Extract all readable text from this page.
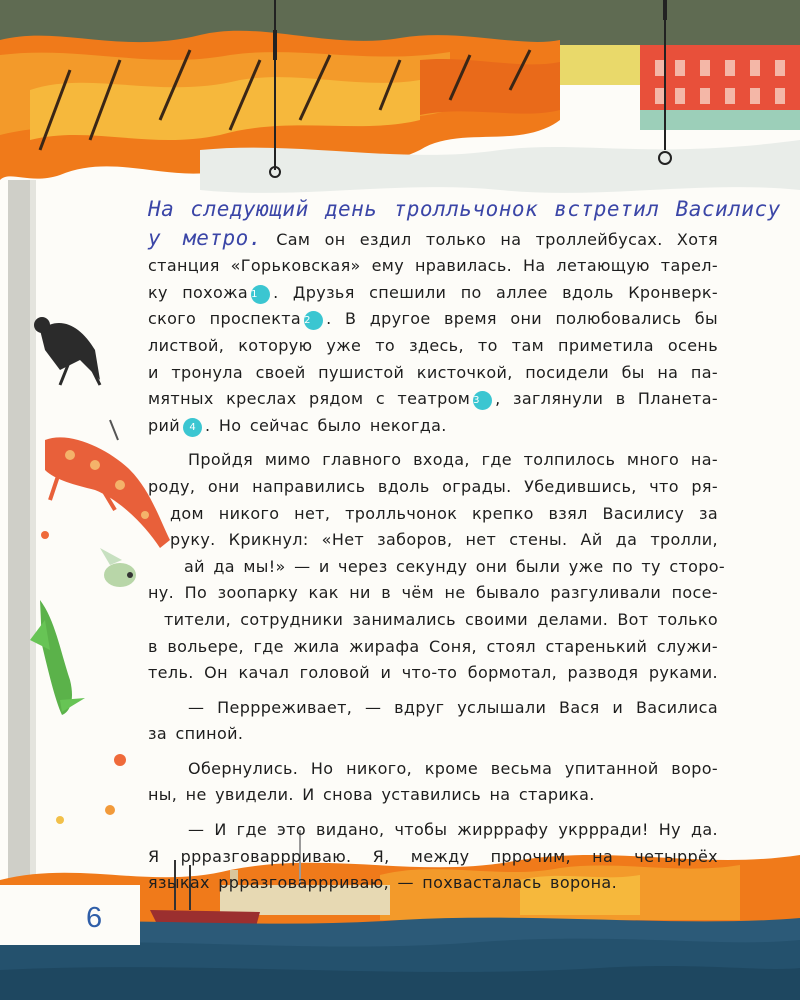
6
На следующий день тролльчонок встретил Василису
у метро. Сам он ездил только на троллейбусах. Хотя
станция «Горьковская» ему нравилась. На летающую тарел-
ку похожа 1 . Друзья спешили по аллее вдоль Кронверк-
ского проспекта 2 . В другое время они полюбовались бы
листвой, которую уже то здесь, то там приметила осень
и тронула своей пушистой кисточкой, посидели бы на па-
мятных креслах рядом с театром 3 , заглянули в Планета-
рий 4 . Но сейчас было некогда.
Пройдя мимо главного входа, где толпилось много на-
роду, они направились вдоль ограды. Убедившись, что ря-
дом никого нет, тролльчонок крепко взял Василису за
руку. Крикнул: «Нет заборов, нет стены. Ай да тролли,
ай да мы!» — и через секунду они были уже по ту сторо-
ну. По зоопарку как ни в чём не бывало разгуливали посе-
тители, сотрудники занимались своими делами. Вот только
в вольере, где жила жирафа Соня, стоял старенький служи-
тель. Он качал головой и что-то бормотал, разводя руками.
— Перрреживает, — вдруг услышали Вася и Василиса
за спиной.
Обернулись. Но никого, кроме весьма упитанной воро-
ны, не увидели. И снова уставились на старика.
— И где это видано, чтобы жирррафу укррради! Ну да.
Я ррразговаррриваю. Я, между пррочим, на четыррёх
языках ррразговаррриваю, — похвасталась ворона.
